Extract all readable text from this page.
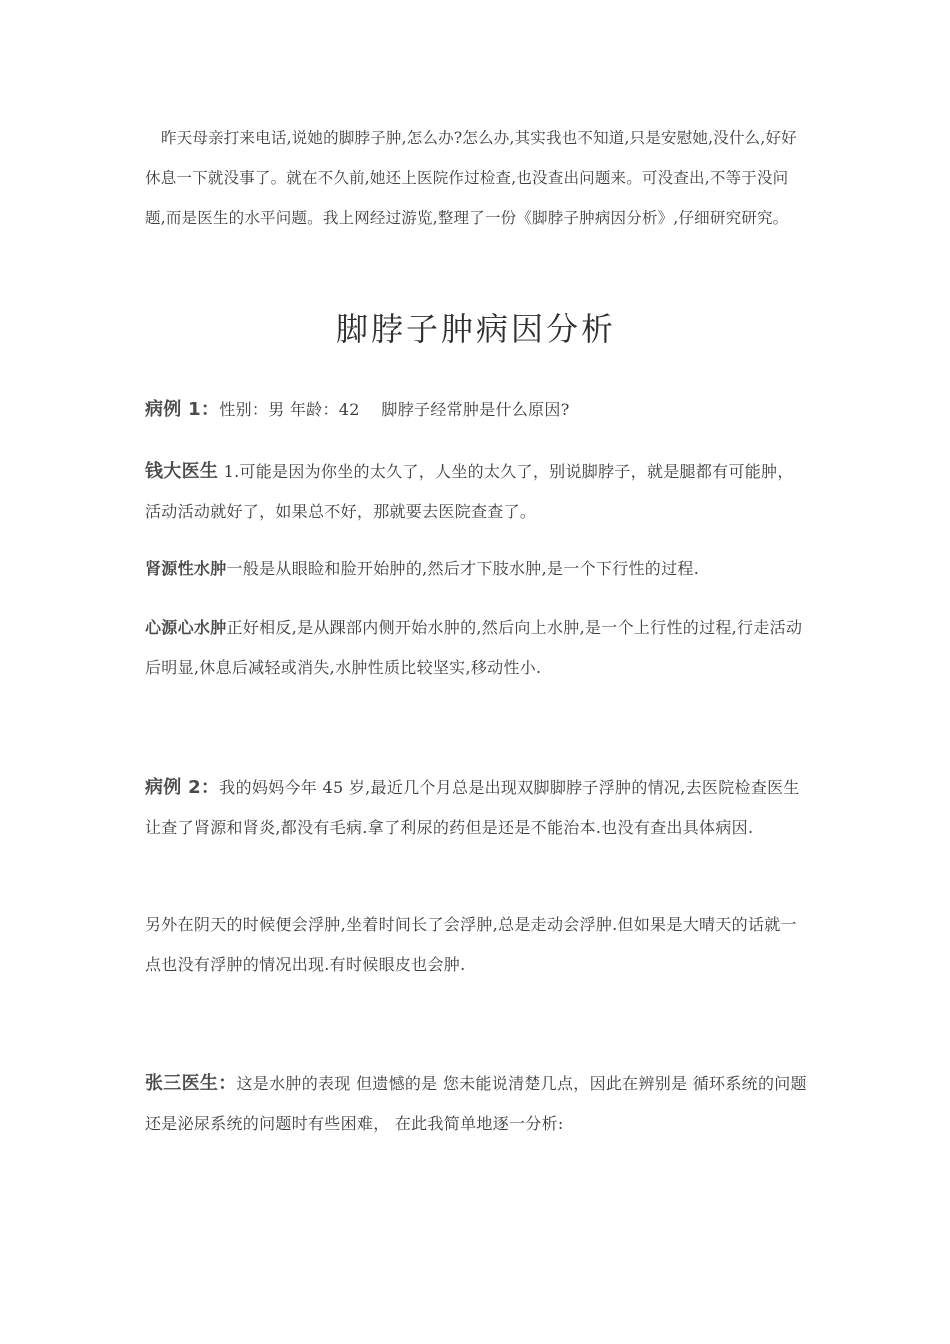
昨天母亲打来电话,说她的脚脖子肿,怎么办?怎么办,其实我也不知道,只是安慰她,没什么,好好休息一下就没事了。就在不久前,她还上医院作过检查,也没查出问题来。可没查出,不等于没问题,而是医生的水平问题。我上网经过游览,整理了一份《脚脖子肿病因分析》,仔细研究研究。

脚脖子肿病因分析

病例 1：性别：男 年龄：42　 脚脖子经常肿是什么原因?

钱大医生 1.可能是因为你坐的太久了，人坐的太久了，别说脚脖子，就是腿都有可能肿，活动活动就好了，如果总不好，那就要去医院查查了。

肾源性水肿一般是从眼睑和脸开始肿的,然后才下肢水肿,是一个下行性的过程.

心源心水肿正好相反,是从踝部内侧开始水肿的,然后向上水肿,是一个上行性的过程,行走活动后明显,休息后减轻或消失,水肿性质比较坚实,移动性小.

病例 2：我的妈妈今年 45 岁,最近几个月总是出现双脚脚脖子浮肿的情况,去医院检查医生让查了肾源和肾炎,都没有毛病.拿了利尿的药但是还是不能治本.也没有查出具体病因.

另外在阴天的时候便会浮肿,坐着时间长了会浮肿,总是走动会浮肿.但如果是大晴天的话就一点也没有浮肿的情况出现.有时候眼皮也会肿.

张三医生：这是水肿的表现 但遗憾的是 您未能说清楚几点，因此在辨别是 循环系统的问题还是泌尿系统的问题时有些困难， 在此我简单地逐一分析:
